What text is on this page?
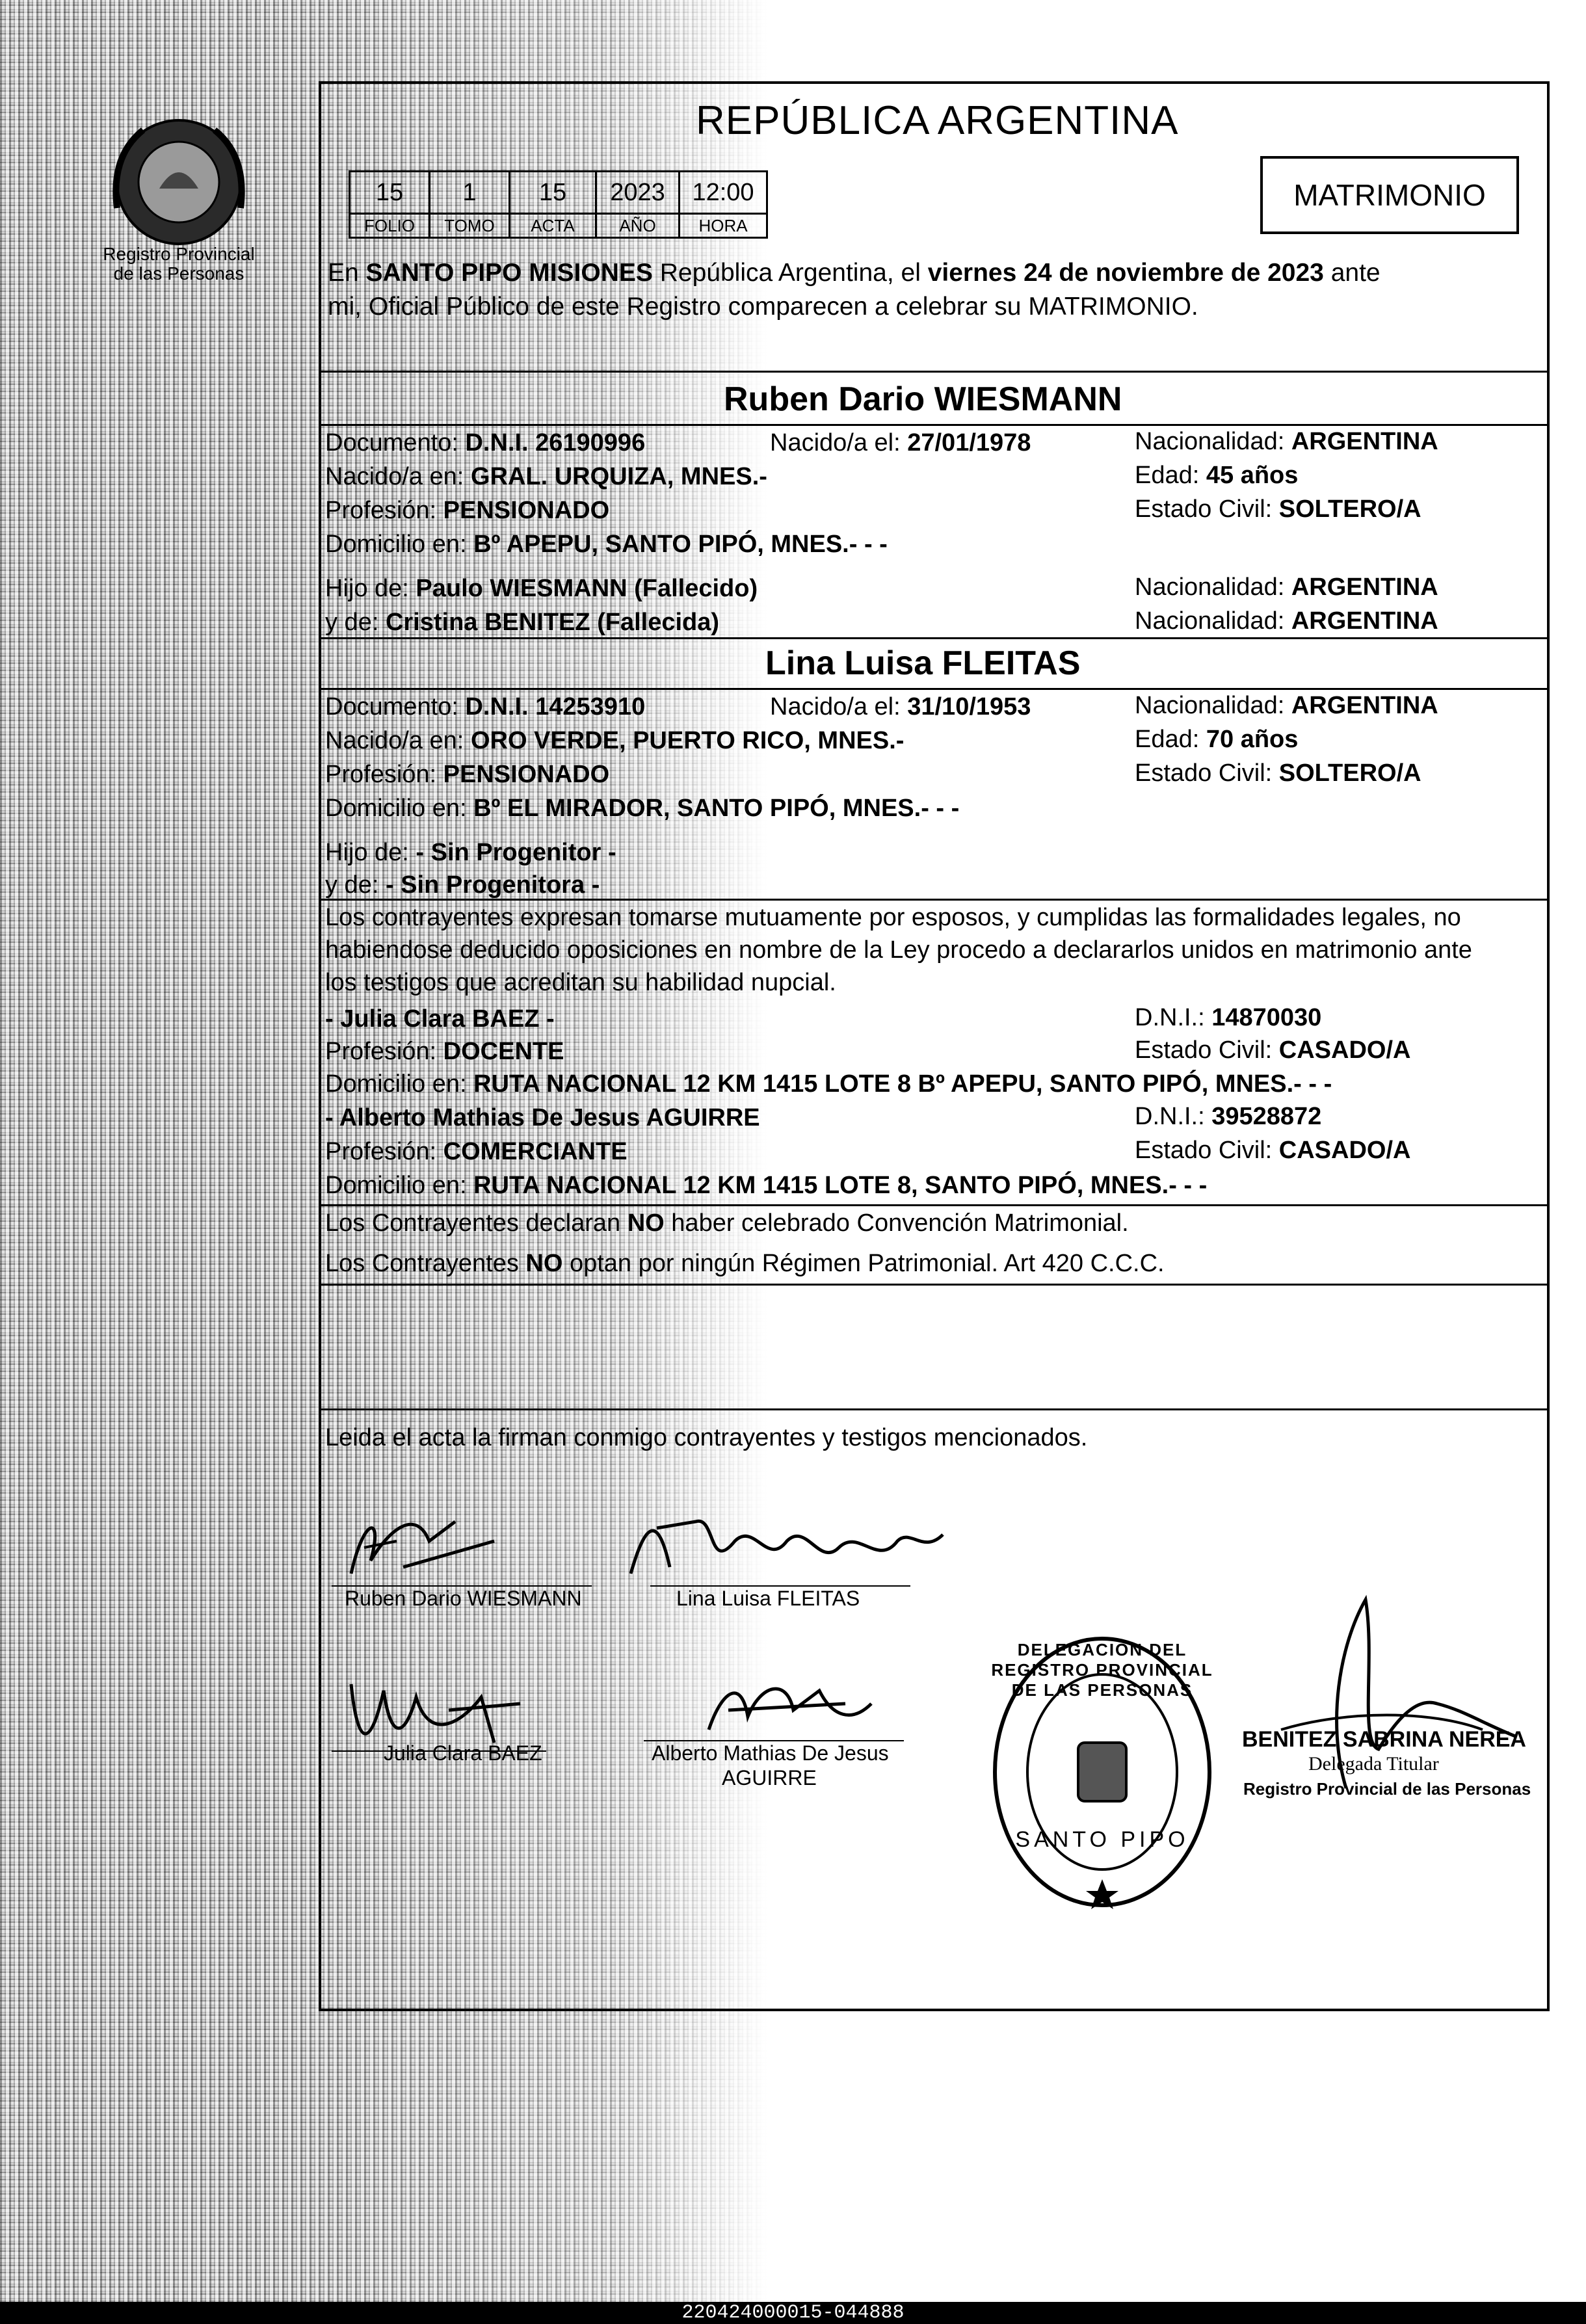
Registro Provincial
de las Personas
REPÚBLICA ARGENTINA
15	1	15	2023	12:00
FOLIO	TOMO	ACTA	AÑO	HORA
MATRIMONIO
En SANTO PIPO MISIONES República Argentina, el viernes 24 de noviembre de 2023 ante
mi, Oficial Público de este Registro comparecen a celebrar su MATRIMONIO.
Ruben Dario WIESMANN
Documento: D.N.I. 26190996	Nacido/a el: 27/01/1978	Nacionalidad: ARGENTINA
Nacido/a en: GRAL. URQUIZA, MNES.-	Edad: 45 años
Profesión: PENSIONADO	Estado Civil: SOLTERO/A
Domicilio en: Bº APEPU, SANTO PIPÓ, MNES.- - -
Hijo de: Paulo WIESMANN (Fallecido)	Nacionalidad: ARGENTINA
y de: Cristina BENITEZ (Fallecida)	Nacionalidad: ARGENTINA
Lina Luisa FLEITAS
Documento: D.N.I. 14253910	Nacido/a el: 31/10/1953	Nacionalidad: ARGENTINA
Nacido/a en: ORO VERDE, PUERTO RICO, MNES.-	Edad: 70 años
Profesión: PENSIONADO	Estado Civil: SOLTERO/A
Domicilio en: Bº EL MIRADOR, SANTO PIPÓ, MNES.- - -
Hijo de: - Sin Progenitor -
y de: - Sin Progenitora -
Los contrayentes expresan tomarse mutuamente por esposos, y cumplidas las formalidades legales, no
habiendose deducido oposiciones en nombre de la Ley procedo a declararlos unidos en matrimonio ante
los testigos que acreditan su habilidad nupcial.
- Julia Clara BAEZ -	D.N.I.: 14870030
Profesión: DOCENTE	Estado Civil: CASADO/A
Domicilio en: RUTA NACIONAL 12 KM 1415 LOTE 8 Bº APEPU, SANTO PIPÓ, MNES.- - -
- Alberto Mathias De Jesus AGUIRRE	D.N.I.: 39528872
Profesión: COMERCIANTE	Estado Civil: CASADO/A
Domicilio en: RUTA NACIONAL 12 KM 1415 LOTE 8, SANTO PIPÓ, MNES.- - -
Los Contrayentes declaran NO haber celebrado Convención Matrimonial.
Los Contrayentes NO optan por ningún Régimen Patrimonial. Art 420 C.C.C.
Leida el acta la firman conmigo contrayentes y testigos mencionados.
Ruben Dario WIESMANN	Lina Luisa FLEITAS
Julia Clara BAEZ	Alberto Mathias De Jesus
AGUIRRE
DELEGACION DEL REGISTRO PROVINCIAL DE LAS PERSONAS
SANTO PIPO
BENITEZ SABRINA NEREA
Delegada Titular
Registro Provincial de las Personas
220424000015-044888
